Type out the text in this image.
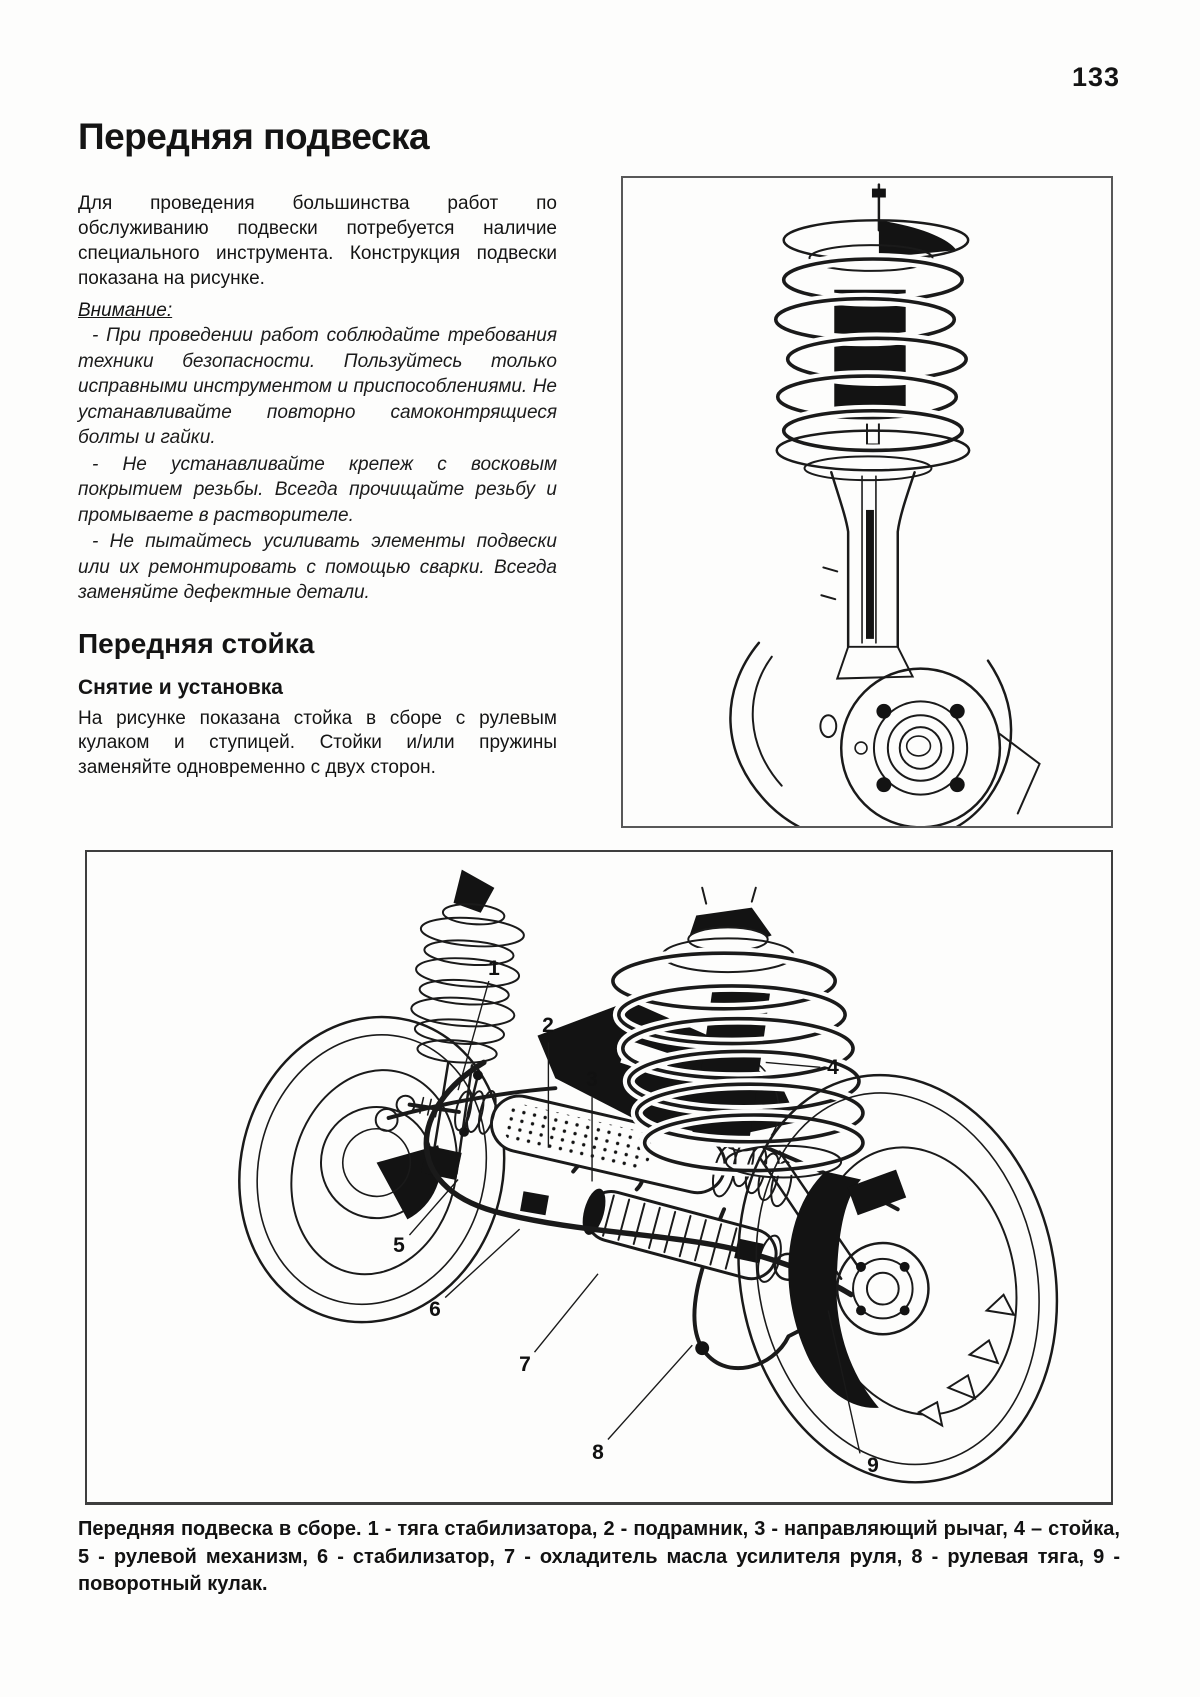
133
Передняя подвеска

Для проведения большинства работ по обслуживанию подвески потребуется наличие специального инструмента. Конструкция подвески показана на рисунке.

Внимание:

- При проведении работ соблюдайте требования техники безопасности. Пользуйтесь только исправными инструментом и приспособлениями. Не устанавливайте повторно самоконтрящиеся болты и гайки.

- Не устанавливайте крепеж с восковым покрытием резьбы. Всегда прочищайте резьбу и промываете в растворителе.

- Не пытайтесь усиливать элементы подвески или их ремонтировать с помощью сварки. Всегда заменяйте дефектные детали.

Передняя стойка
Снятие и установка

На рисунке показана стойка в сборе с рулевым кулаком и ступицей. Стойки и/или пружины заменяйте одновременно с двух сторон.

1
2
3
4
5
6
7
8
9

Передняя подвеска в сборе. 1 - тяга стабилизатора, 2 - подрамник, 3 - направляющий рычаг, 4 – стойка, 5 - рулевой механизм, 6 - стабилизатор, 7 - охладитель масла усилителя руля, 8 - рулевая тяга, 9 - поворотный кулак.
